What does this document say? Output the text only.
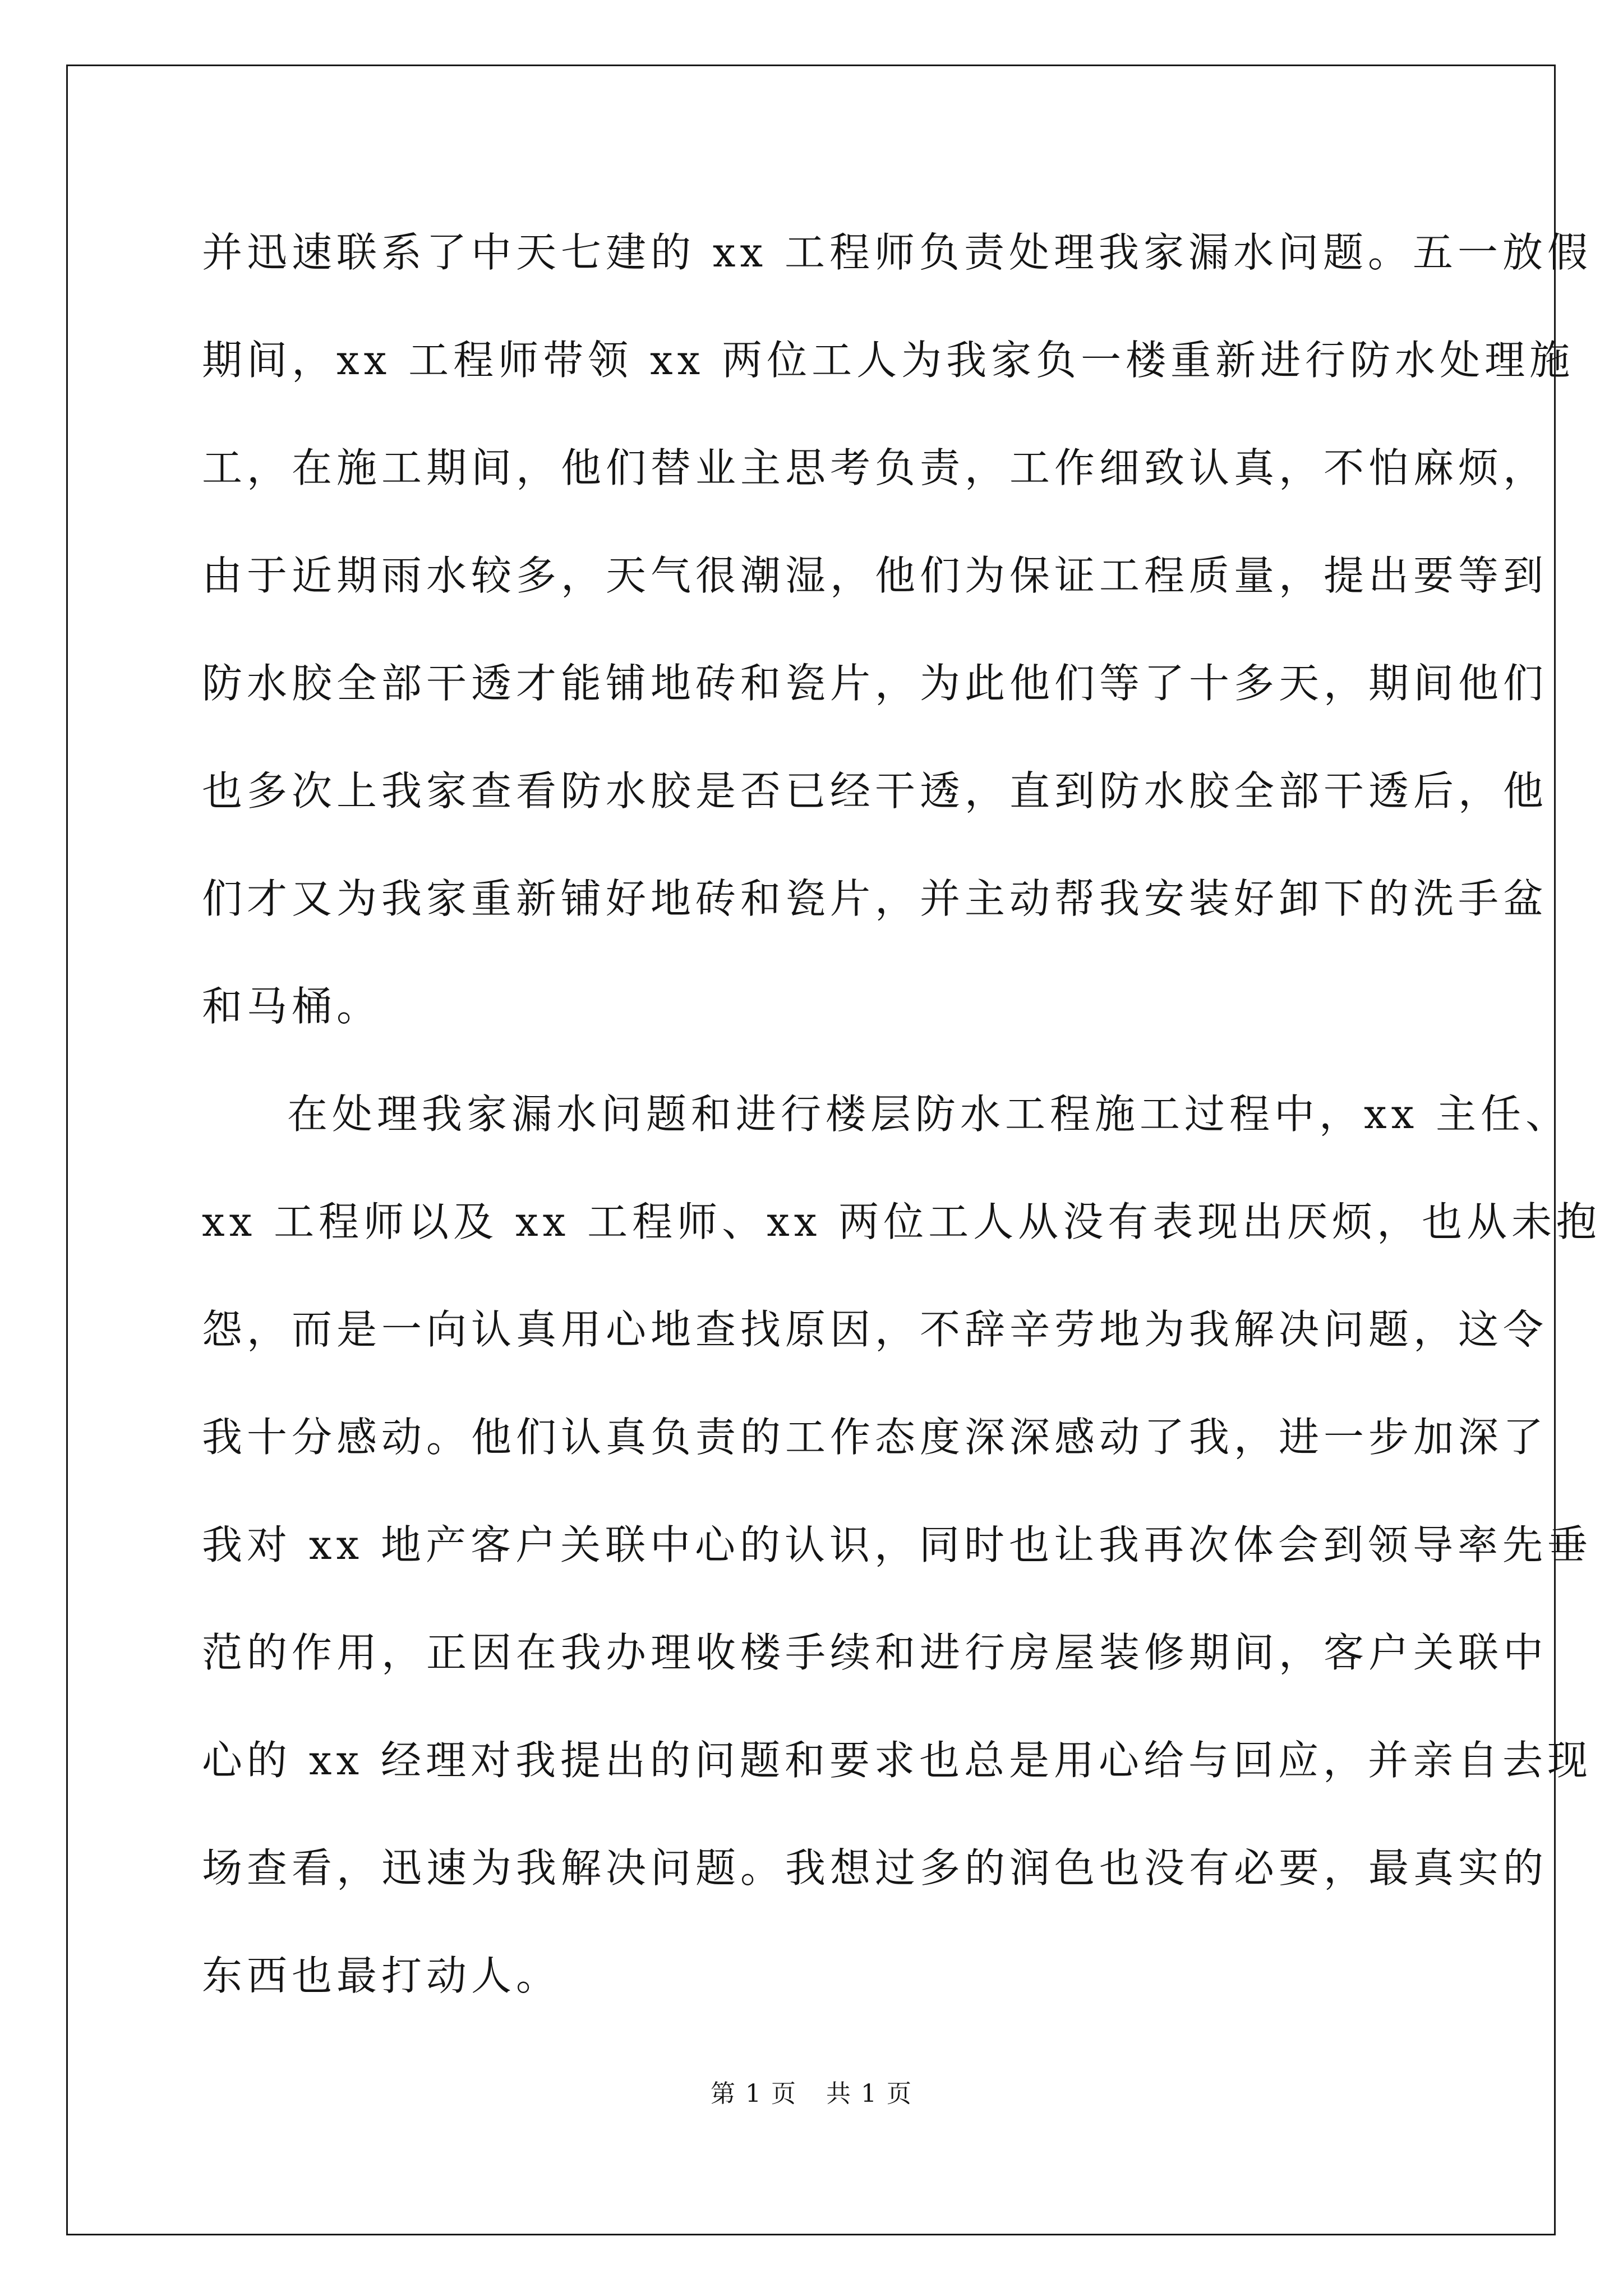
并迅速联系了中天七建的 xx 工程师负责处理我家漏水问题。五一放假
期间，xx 工程师带领 xx 两位工人为我家负一楼重新进行防水处理施
工，在施工期间，他们替业主思考负责，工作细致认真，不怕麻烦，
由于近期雨水较多，天气很潮湿，他们为保证工程质量，提出要等到
防水胶全部干透才能铺地砖和瓷片，为此他们等了十多天，期间他们
也多次上我家查看防水胶是否已经干透，直到防水胶全部干透后，他
们才又为我家重新铺好地砖和瓷片，并主动帮我安装好卸下的洗手盆
和马桶。
在处理我家漏水问题和进行楼层防水工程施工过程中，xx 主任、
xx 工程师以及 xx 工程师、xx 两位工人从没有表现出厌烦，也从未抱
怨，而是一向认真用心地查找原因，不辞辛劳地为我解决问题，这令
我十分感动。他们认真负责的工作态度深深感动了我，进一步加深了
我对 xx 地产客户关联中心的认识，同时也让我再次体会到领导率先垂
范的作用，正因在我办理收楼手续和进行房屋装修期间，客户关联中
心的 xx 经理对我提出的问题和要求也总是用心给与回应，并亲自去现
场查看，迅速为我解决问题。我想过多的润色也没有必要，最真实的
东西也最打动人。
第 1 页 共 1 页
